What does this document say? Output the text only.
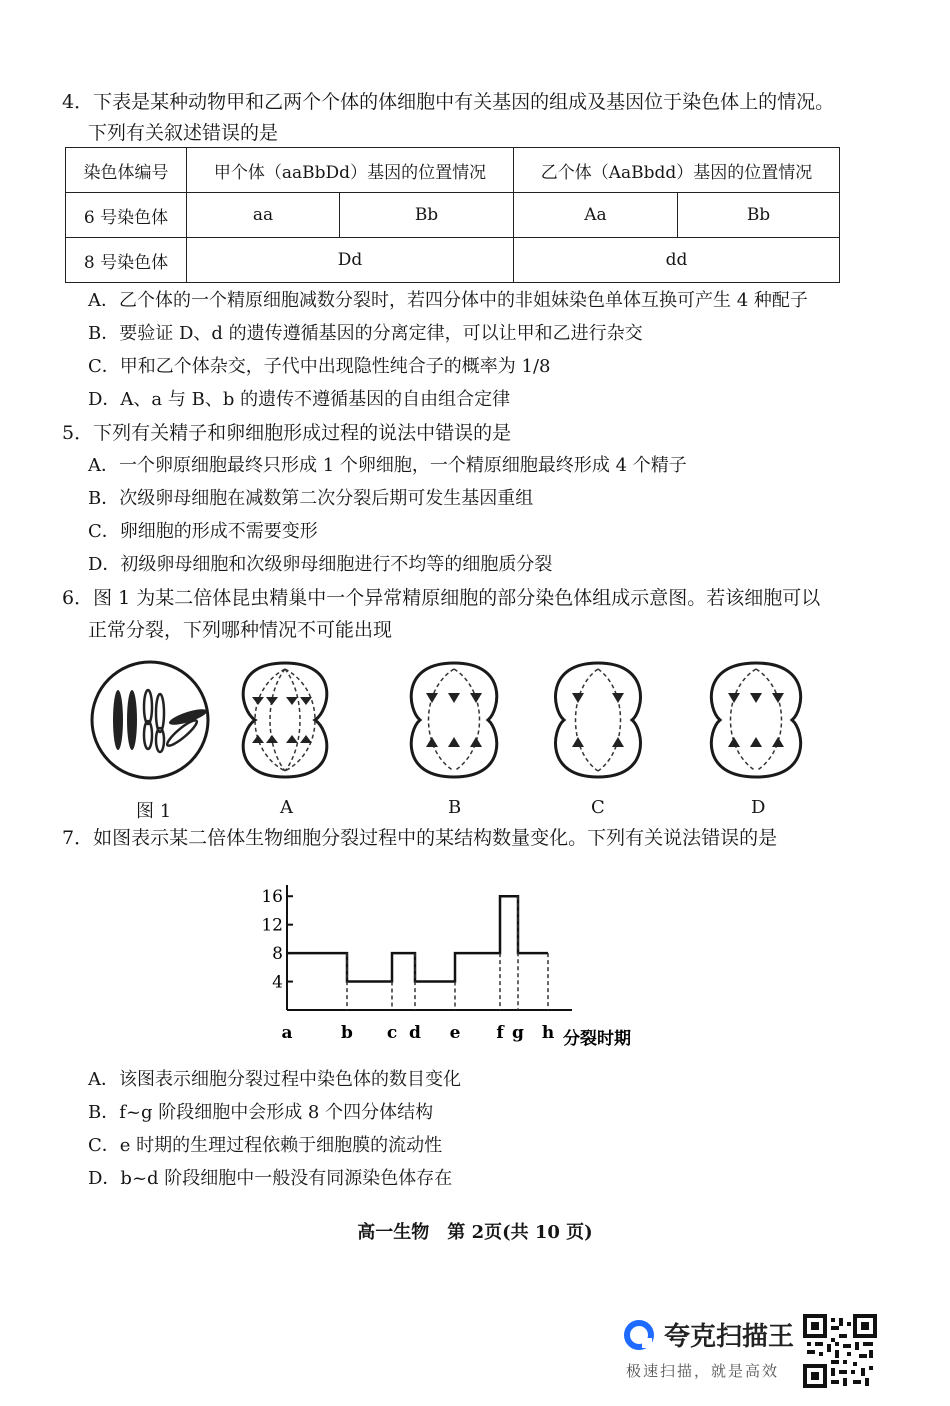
4．下表是某种动物甲和乙两个个体的体细胞中有关基因的组成及基因位于染色体上的情况。
下列有关叙述错误的是
染色体编号	甲个体（aaBbDd）基因的位置情况		乙个体（AaBbdd）基因的位置情况	
6 号染色体	aa	Bb	Aa	Bb
8 号染色体	Dd		dd	
A．乙个体的一个精原细胞减数分裂时，若四分体中的非姐妹染色单体互换可产生 4 种配子
B．要验证 D、d 的遗传遵循基因的分离定律，可以让甲和乙进行杂交
C．甲和乙个体杂交，子代中出现隐性纯合子的概率为 1/8
D．A、a 与 B、b 的遗传不遵循基因的自由组合定律
5．下列有关精子和卵细胞形成过程的说法中错误的是
A．一个卵原细胞最终只形成 1 个卵细胞，一个精原细胞最终形成 4 个精子
B．次级卵母细胞在减数第二次分裂后期可发生基因重组
C．卵细胞的形成不需要变形
D．初级卵母细胞和次级卵母细胞进行不均等的细胞质分裂
6．图 1 为某二倍体昆虫精巢中一个异常精原细胞的部分染色体组成示意图。若该细胞可以
正常分裂，下列哪种情况不可能出现
图 1	A	B	C	D
7．如图表示某二倍体生物细胞分裂过程中的某结构数量变化。下列有关说法错误的是
4
8
12
16
a	b c d e f g h 分裂时期
A．该图表示细胞分裂过程中染色体的数目变化
B．f~g 阶段细胞中会形成 8 个四分体结构
C．e 时期的生理过程依赖于细胞膜的流动性
D．b~d 阶段细胞中一般没有同源染色体存在
高一生物　第 2页(共 10 页)
夸克扫描王
极速扫描，就是高效
